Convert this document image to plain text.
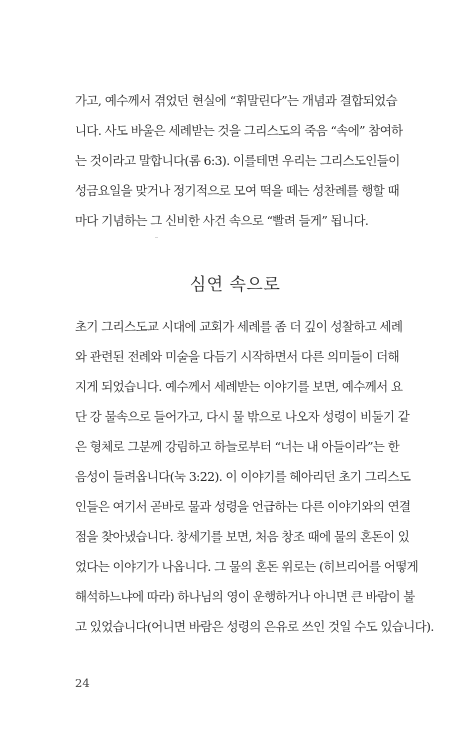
가고, 예수께서 겪었던 현실에 “휘말린다”는 개념과 결합되었습
니다. 사도 바울은 세례받는 것을 그리스도의 죽음 “속에” 참여하
는 것이라고 말합니다(롬 6:3). 이를테면 우리는 그리스도인들이
성금요일을 맞거나 정기적으로 모여 떡을 떼는 성찬례를 행할 때
마다 기념하는 그 신비한 사건 속으로 “빨려 들게” 됩니다.
심연 속으로
초기 그리스도교 시대에 교회가 세례를 좀 더 깊이 성찰하고 세례
와 관련된 전례와 미술을 다듬기 시작하면서 다른 의미들이 더해
지게 되었습니다. 예수께서 세례받는 이야기를 보면, 예수께서 요
단 강 물속으로 들어가고, 다시 물 밖으로 나오자 성령이 비둘기 같
은 형체로 그분께 강림하고 하늘로부터 “너는 내 아들이라”는 한
음성이 들려옵니다(눅 3:22). 이 이야기를 헤아리던 초기 그리스도
인들은 여기서 곧바로 물과 성령을 언급하는 다른 이야기와의 연결
점을 찾아냈습니다. 창세기를 보면, 처음 창조 때에 물의 혼돈이 있
었다는 이야기가 나옵니다. 그 물의 혼돈 위로는 (히브리어를 어떻게
해석하느냐에 따라) 하나님의 영이 운행하거나 아니면 큰 바람이 불
고 있었습니다(어니면 바람은 성령의 은유로 쓰인 것일 수도 있습니다).
24
